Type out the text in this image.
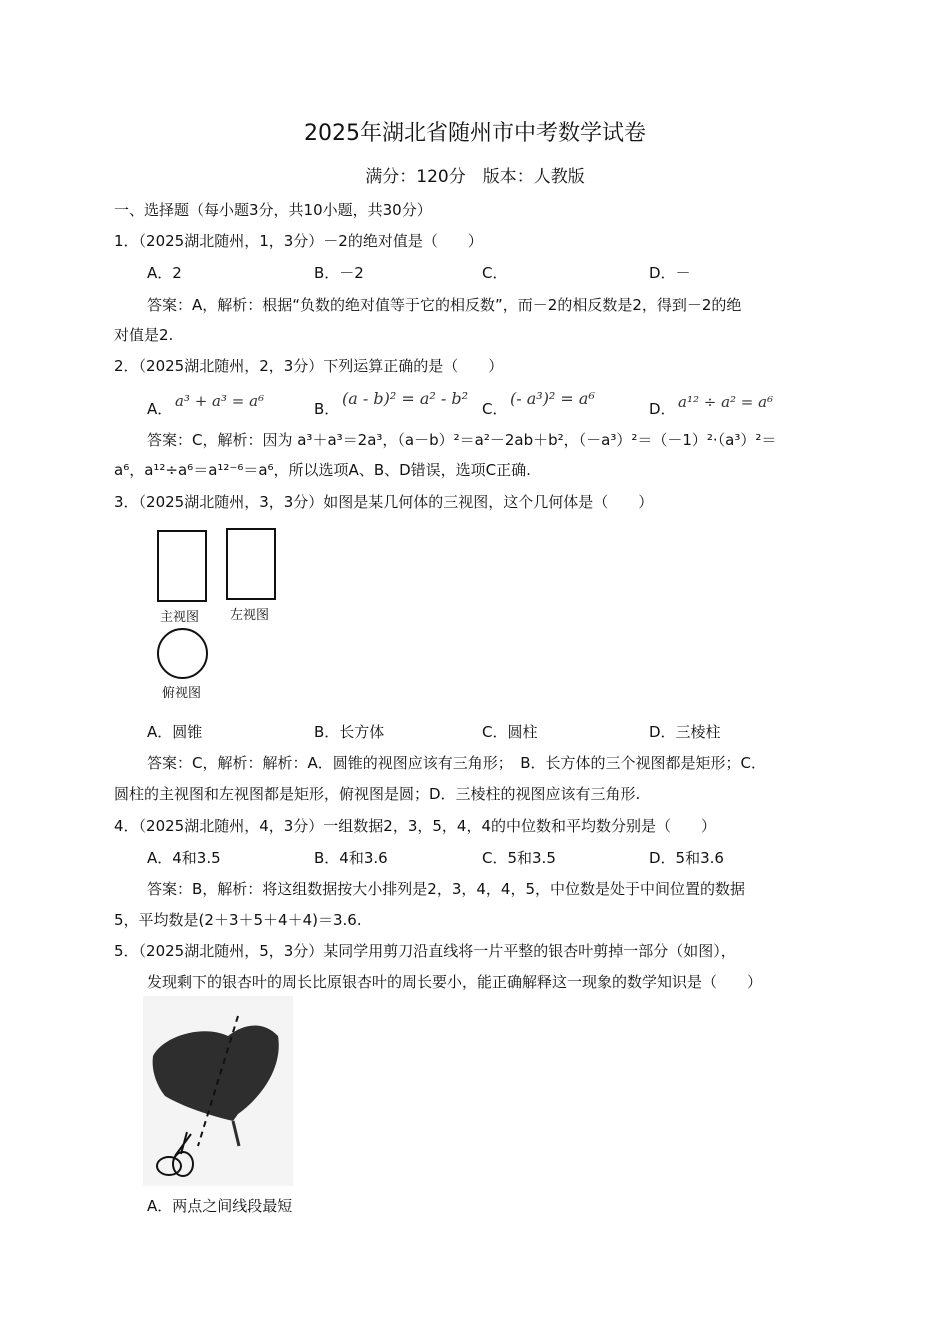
2025年湖北省随州市中考数学试卷
满分：120分　版本：人教版
一、选择题（每小题3分，共10小题，共30分）
1．（2025湖北随州，1，3分）－2的绝对值是（　　）
A．2	B．－2	C．	D．－
答案：A，解析：根据“负数的绝对值等于它的相反数”，而－2的相反数是2，得到－2的绝
对值是2.
2．（2025湖北随州，2，3分）下列运算正确的是（　　）
A． a³ + a³ = a⁶	B．
(a - b)² = a² - b²
C．
(- a³)² = a⁶
D． a¹² ÷ a² = a⁶
答案：C，解析：因为 a³＋a³＝2a³，（a－b）²＝a²－2ab＋b²，（－a³）²＝（－1）²·（a³）²＝
a⁶，a¹²÷a⁶＝a¹²⁻⁶＝a⁶，所以选项A、B、D错误，选项C正确.
3．（2025湖北随州，3，3分）如图是某几何体的三视图，这个几何体是（　　）
主视图 左视图
俯视图
A．圆锥	B．长方体	C．圆柱	D．三棱柱
答案：C，解析：解析：A．圆锥的视图应该有三角形；　B．长方体的三个视图都是矩形；C．
圆柱的主视图和左视图都是矩形，俯视图是圆；D．三棱柱的视图应该有三角形.
4．（2025湖北随州，4，3分）一组数据2，3，5，4，4的中位数和平均数分别是（　　）
A．4和3.5	B．4和3.6	C．5和3.5	D．5和3.6
答案：B，解析：将这组数据按大小排列是2，3，4，4，5，中位数是处于中间位置的数据
5，平均数是(2＋3＋5＋4＋4)＝3.6.
5．（2025湖北随州，5，3分）某同学用剪刀沿直线将一片平整的银杏叶剪掉一部分（如图），
发现剩下的银杏叶的周长比原银杏叶的周长要小，能正确解释这一现象的数学知识是（　　）
A．两点之间线段最短
